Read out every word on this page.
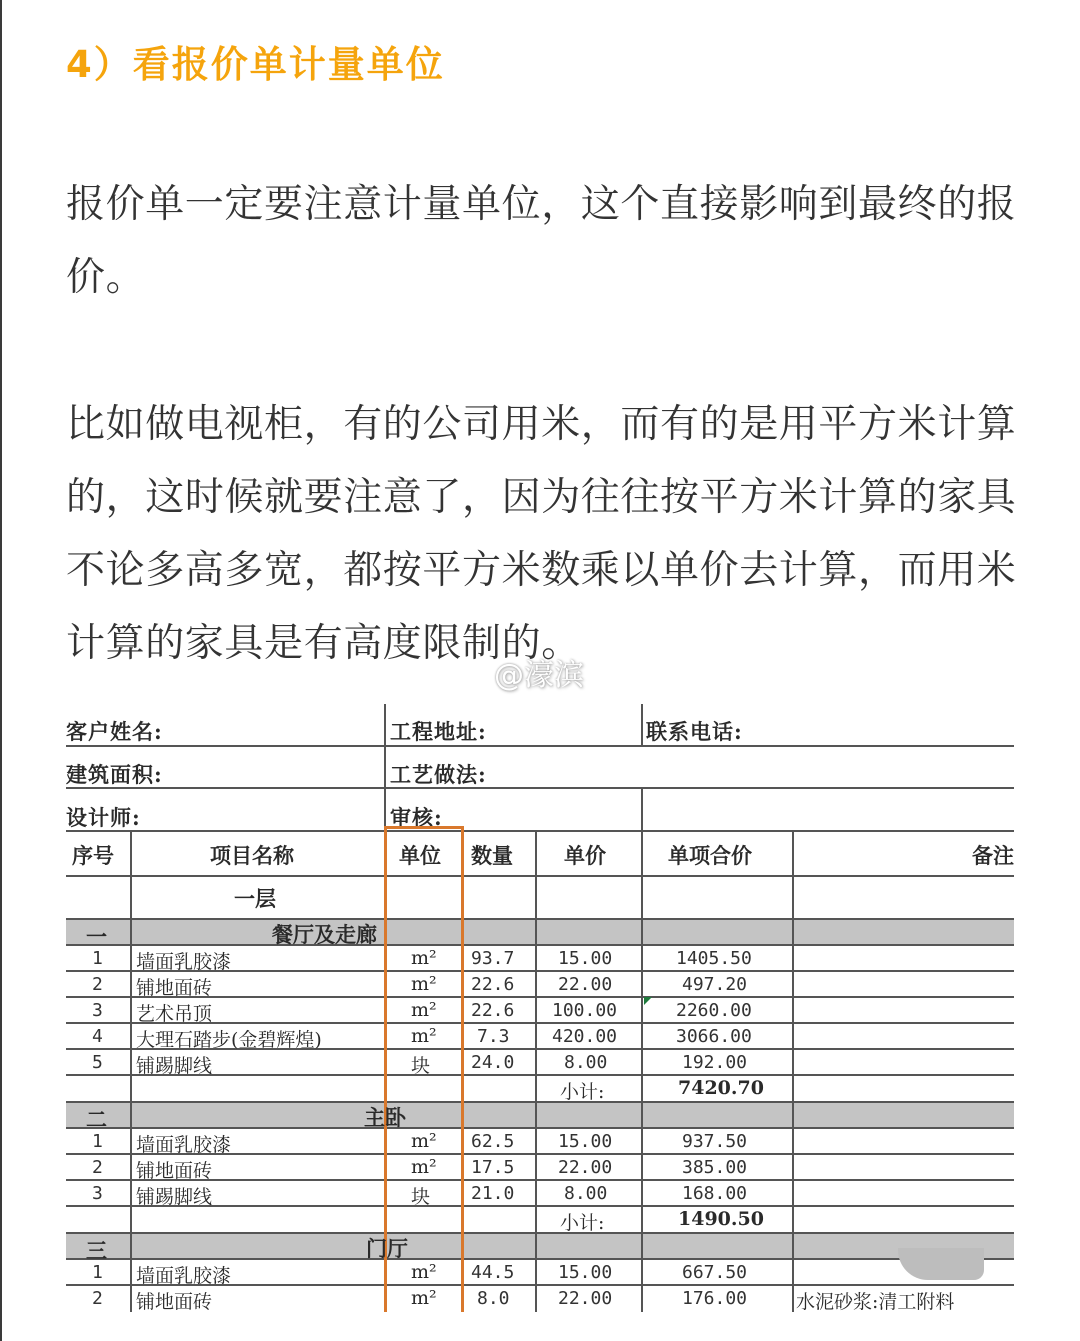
4）看报价单计量单位
报价单一定要注意计量单位，这个直接影响到最终的报价。
比如做电视柜，有的公司用米，而有的是用平方米计算的，这时候就要注意了，因为往往按平方米计算的家具不论多高多宽，都按平方米数乘以单价去计算，而用米计算的家具是有高度限制的。
客户姓名:	工程地址:	联系电话:
建筑面积:	工艺做法:
设计师:	审核:
序号	项目名称	单位 数量 单价	单项合价	备注
一层
一	餐厅及走廊
1 墙面乳胶漆	m² 93.7 15.00	1405.50
2 铺地面砖	m² 22.6 22.00	497.20
3 艺术吊顶	m² 22.6 100.00	2260.00
4 大理石踏步(金碧辉煌)	m² 7.3 420.00	3066.00
5 铺踢脚线	块 24.0	8.00	192.00
小计:	7420.70
二	主卧
1 墙面乳胶漆	m² 62.5 15.00	937.50
2 铺地面砖	m² 17.5 22.00	385.00
3 铺踢脚线	块 21.0	8.00	168.00
小计:	1490.50
三	门厅
1 墙面乳胶漆	m² 44.5 15.00	667.50
2 铺地面砖	m² 8.0	22.00	176.00	水泥砂浆:清工附料
@濠滨
